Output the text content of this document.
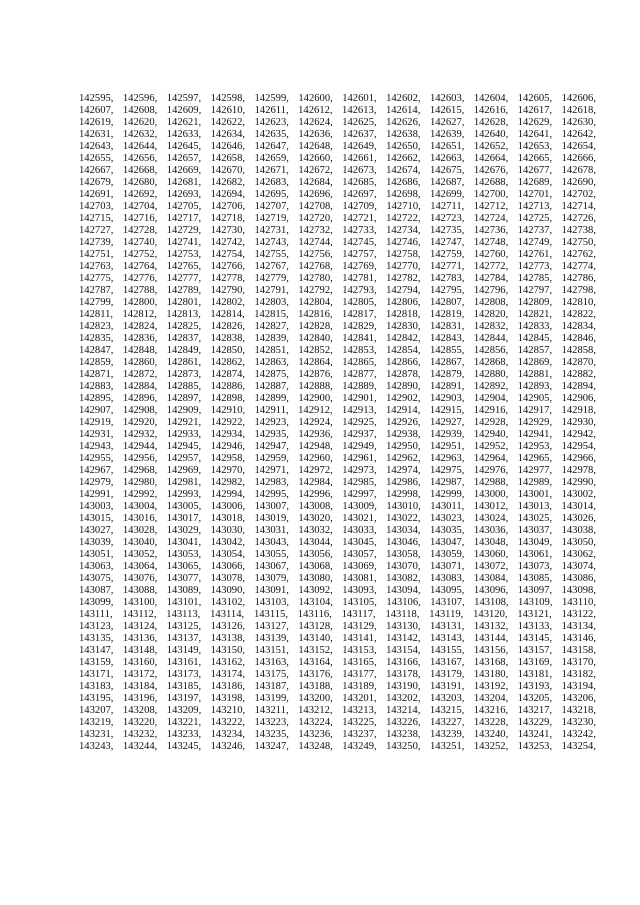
142595, 142596, 142597, 142598, 142599, 142600, 142601, 142602, 142603, 142604, 142605, 142606,
142607, 142608, 142609, 142610, 142611, 142612, 142613, 142614, 142615, 142616, 142617, 142618,
142619, 142620, 142621, 142622, 142623, 142624, 142625, 142626, 142627, 142628, 142629, 142630,
142631, 142632, 142633, 142634, 142635, 142636, 142637, 142638, 142639, 142640, 142641, 142642,
142643, 142644, 142645, 142646, 142647, 142648, 142649, 142650, 142651, 142652, 142653, 142654,
142655, 142656, 142657, 142658, 142659, 142660, 142661, 142662, 142663, 142664, 142665, 142666,
142667, 142668, 142669, 142670, 142671, 142672, 142673, 142674, 142675, 142676, 142677, 142678,
142679, 142680, 142681, 142682, 142683, 142684, 142685, 142686, 142687, 142688, 142689, 142690,
142691, 142692, 142693, 142694, 142695, 142696, 142697, 142698, 142699, 142700, 142701, 142702,
142703, 142704, 142705, 142706, 142707, 142708, 142709, 142710, 142711, 142712, 142713, 142714,
142715, 142716, 142717, 142718, 142719, 142720, 142721, 142722, 142723, 142724, 142725, 142726,
142727, 142728, 142729, 142730, 142731, 142732, 142733, 142734, 142735, 142736, 142737, 142738,
142739, 142740, 142741, 142742, 142743, 142744, 142745, 142746, 142747, 142748, 142749, 142750,
142751, 142752, 142753, 142754, 142755, 142756, 142757, 142758, 142759, 142760, 142761, 142762,
142763, 142764, 142765, 142766, 142767, 142768, 142769, 142770, 142771, 142772, 142773, 142774,
142775, 142776, 142777, 142778, 142779, 142780, 142781, 142782, 142783, 142784, 142785, 142786,
142787, 142788, 142789, 142790, 142791, 142792, 142793, 142794, 142795, 142796, 142797, 142798,
142799, 142800, 142801, 142802, 142803, 142804, 142805, 142806, 142807, 142808, 142809, 142810,
142811, 142812, 142813, 142814, 142815, 142816, 142817, 142818, 142819, 142820, 142821, 142822,
142823, 142824, 142825, 142826, 142827, 142828, 142829, 142830, 142831, 142832, 142833, 142834,
142835, 142836, 142837, 142838, 142839, 142840, 142841, 142842, 142843, 142844, 142845, 142846,
142847, 142848, 142849, 142850, 142851, 142852, 142853, 142854, 142855, 142856, 142857, 142858,
142859, 142860, 142861, 142862, 142863, 142864, 142865, 142866, 142867, 142868, 142869, 142870,
142871, 142872, 142873, 142874, 142875, 142876, 142877, 142878, 142879, 142880, 142881, 142882,
142883, 142884, 142885, 142886, 142887, 142888, 142889, 142890, 142891, 142892, 142893, 142894,
142895, 142896, 142897, 142898, 142899, 142900, 142901, 142902, 142903, 142904, 142905, 142906,
142907, 142908, 142909, 142910, 142911, 142912, 142913, 142914, 142915, 142916, 142917, 142918,
142919, 142920, 142921, 142922, 142923, 142924, 142925, 142926, 142927, 142928, 142929, 142930,
142931, 142932, 142933, 142934, 142935, 142936, 142937, 142938, 142939, 142940, 142941, 142942,
142943, 142944, 142945, 142946, 142947, 142948, 142949, 142950, 142951, 142952, 142953, 142954,
142955, 142956, 142957, 142958, 142959, 142960, 142961, 142962, 142963, 142964, 142965, 142966,
142967, 142968, 142969, 142970, 142971, 142972, 142973, 142974, 142975, 142976, 142977, 142978,
142979, 142980, 142981, 142982, 142983, 142984, 142985, 142986, 142987, 142988, 142989, 142990,
142991, 142992, 142993, 142994, 142995, 142996, 142997, 142998, 142999, 143000, 143001, 143002,
143003, 143004, 143005, 143006, 143007, 143008, 143009, 143010, 143011, 143012, 143013, 143014,
143015, 143016, 143017, 143018, 143019, 143020, 143021, 143022, 143023, 143024, 143025, 143026,
143027, 143028, 143029, 143030, 143031, 143032, 143033, 143034, 143035, 143036, 143037, 143038,
143039, 143040, 143041, 143042, 143043, 143044, 143045, 143046, 143047, 143048, 143049, 143050,
143051, 143052, 143053, 143054, 143055, 143056, 143057, 143058, 143059, 143060, 143061, 143062,
143063, 143064, 143065, 143066, 143067, 143068, 143069, 143070, 143071, 143072, 143073, 143074,
143075, 143076, 143077, 143078, 143079, 143080, 143081, 143082, 143083, 143084, 143085, 143086,
143087, 143088, 143089, 143090, 143091, 143092, 143093, 143094, 143095, 143096, 143097, 143098,
143099, 143100, 143101, 143102, 143103, 143104, 143105, 143106, 143107, 143108, 143109, 143110,
143111, 143112, 143113, 143114, 143115, 143116, 143117, 143118, 143119, 143120, 143121, 143122,
143123, 143124, 143125, 143126, 143127, 143128, 143129, 143130, 143131, 143132, 143133, 143134,
143135, 143136, 143137, 143138, 143139, 143140, 143141, 143142, 143143, 143144, 143145, 143146,
143147, 143148, 143149, 143150, 143151, 143152, 143153, 143154, 143155, 143156, 143157, 143158,
143159, 143160, 143161, 143162, 143163, 143164, 143165, 143166, 143167, 143168, 143169, 143170,
143171, 143172, 143173, 143174, 143175, 143176, 143177, 143178, 143179, 143180, 143181, 143182,
143183, 143184, 143185, 143186, 143187, 143188, 143189, 143190, 143191, 143192, 143193, 143194,
143195, 143196, 143197, 143198, 143199, 143200, 143201, 143202, 143203, 143204, 143205, 143206,
143207, 143208, 143209, 143210, 143211, 143212, 143213, 143214, 143215, 143216, 143217, 143218,
143219, 143220, 143221, 143222, 143223, 143224, 143225, 143226, 143227, 143228, 143229, 143230,
143231, 143232, 143233, 143234, 143235, 143236, 143237, 143238, 143239, 143240, 143241, 143242,
143243, 143244, 143245, 143246, 143247, 143248, 143249, 143250, 143251, 143252, 143253, 143254,
